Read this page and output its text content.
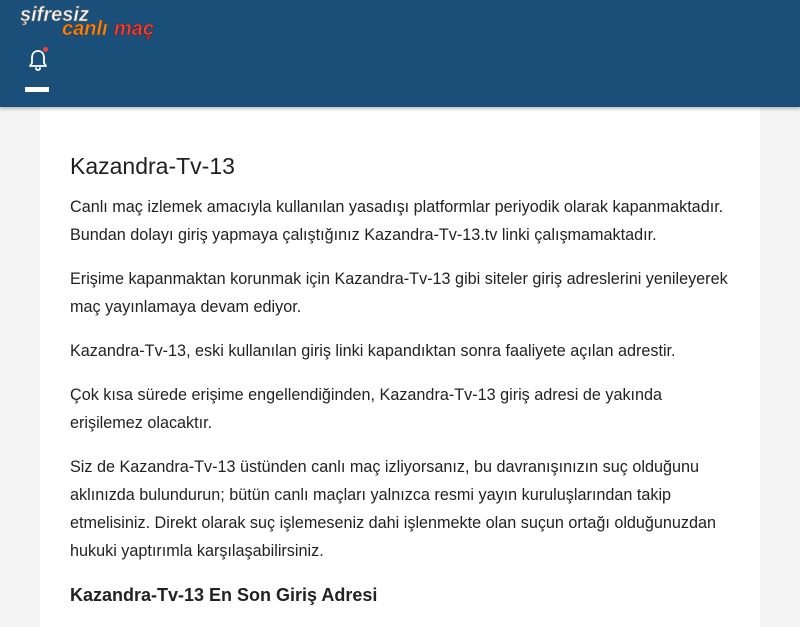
şifresiz
canlı maç
Kazandra-Tv-13

Canlı maç izlemek amacıyla kullanılan yasadışı platformlar periyodik olarak kapanmaktadır. Bundan dolayı giriş yapmaya çalıştığınız Kazandra-Tv-13.tv linki çalışmamaktadır.

Erişime kapanmaktan korunmak için Kazandra-Tv-13 gibi siteler giriş adreslerini yenileyerek maç yayınlamaya devam ediyor.

Kazandra-Tv-13, eski kullanılan giriş linki kapandıktan sonra faaliyete açılan adrestir.

Çok kısa sürede erişime engellendiğinden, Kazandra-Tv-13 giriş adresi de yakında erişilemez olacaktır.

Siz de Kazandra-Tv-13 üstünden canlı maç izliyorsanız, bu davranışınızın suç olduğunu aklınızda bulundurun; bütün canlı maçları yalnızca resmi yayın kuruluşlarından takip etmelisiniz. Direkt olarak suç işlemeseniz dahi işlenmekte olan suçun ortağı olduğunuzdan hukuki yaptırımla karşılaşabilirsiniz.

Kazandra-Tv-13 En Son Giriş Adresi
